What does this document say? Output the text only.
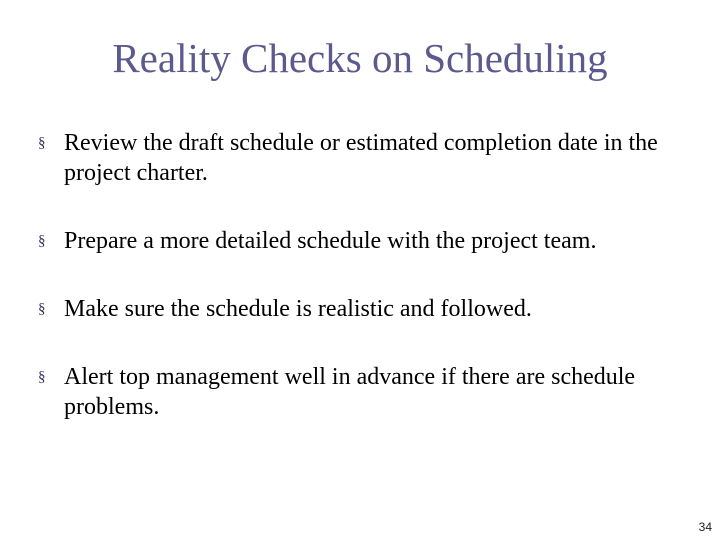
Reality Checks on Scheduling
§ Review the draft schedule or estimated completion date in the project charter.
§ Prepare a more detailed schedule with the project team.
§ Make sure the schedule is realistic and followed.
§ Alert top management well in advance if there are schedule problems.
34
